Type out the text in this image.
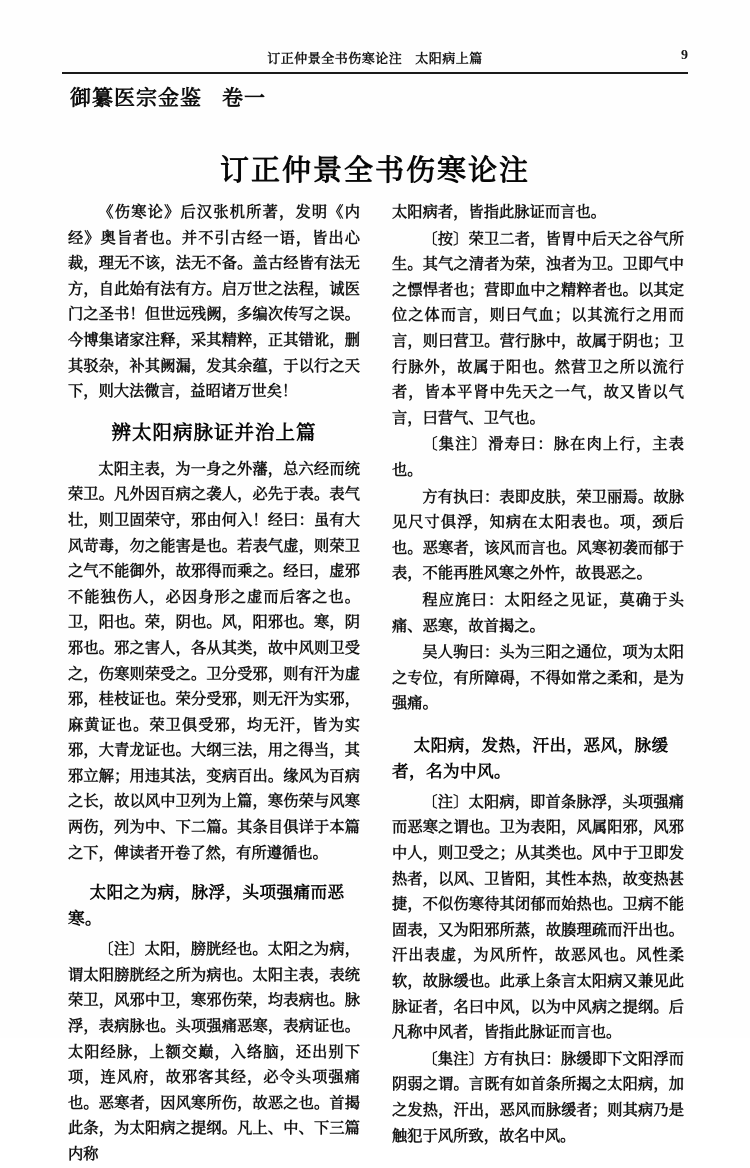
订正仲景全书伤寒论注 太阳病上篇	9
御纂医宗金鉴 卷一
订正仲景全书伤寒论注

《伤寒论》后汉张机所著，发明《内经》奥旨者也。并不引古经一语，皆出心裁，理无不该，法无不备。盖古经皆有法无方，自此始有法有方。启万世之法程，诚医门之圣书！但世远残阙，多编次传写之误。今博集诸家注释，采其精粹，正其错讹，删其驳杂，补其阙漏，发其余蕴，于以行之天下，则大法微言，益昭诸万世矣！

辨太阳病脉证并治上篇

太阳主表，为一身之外藩，总六经而统荣卫。凡外因百病之袭人，必先于表。表气壮，则卫固荣守，邪由何入！经曰：虽有大风苛毒，勿之能害是也。若表气虚，则荣卫之气不能御外，故邪得而乘之。经曰，虚邪不能独伤人，必因身形之虚而后客之也。卫，阳也。荣，阴也。风，阳邪也。寒，阴邪也。邪之害人，各从其类，故中风则卫受之，伤寒则荣受之。卫分受邪，则有汗为虚邪，桂枝证也。荣分受邪，则无汗为实邪，麻黄证也。荣卫俱受邪，均无汗，皆为实邪，大青龙证也。大纲三法，用之得当，其邪立解；用违其法，变病百出。缘风为百病之长，故以风中卫列为上篇，寒伤荣与风寒两伤，列为中、下二篇。其条目俱详于本篇之下，俾读者开卷了然，有所遵循也。

太阳之为病，脉浮，头项强痛而恶寒。

〔注〕太阳，膀胱经也。太阳之为病，谓太阳膀胱经之所为病也。太阳主表，表统荣卫，风邪中卫，寒邪伤荣，均表病也。脉浮，表病脉也。头项强痛恶寒，表病证也。太阳经脉，上额交巅，入络脑，还出别下项，连风府，故邪客其经，必令头项强痛也。恶寒者，因风寒所伤，故恶之也。首揭此条，为太阳病之提纲。凡上、中、下三篇内称

太阳病者，皆指此脉证而言也。

〔按〕荣卫二者，皆胃中后天之谷气所生。其气之清者为荣，浊者为卫。卫即气中之慓悍者也；营即血中之精粹者也。以其定位之体而言，则曰气血；以其流行之用而言，则曰营卫。营行脉中，故属于阴也；卫行脉外，故属于阳也。然营卫之所以流行者，皆本平肾中先天之一气，故又皆以气言，曰营气、卫气也。

〔集注〕滑寿曰：脉在肉上行，主表也。

方有执曰：表即皮肤，荣卫丽焉。故脉见尺寸俱浮，知病在太阳表也。项，颈后也。恶寒者，该风而言也。风寒初袭而郁于表，不能再胜风寒之外忤，故畏恶之。

程应旄曰：太阳经之见证，莫确于头痛、恶寒，故首揭之。

吴人驹曰：头为三阳之通位，项为太阳之专位，有所障碍，不得如常之柔和，是为强痛。

太阳病，发热，汗出，恶风，脉缓者，名为中风。

〔注〕太阳病，即首条脉浮，头项强痛而恶寒之谓也。卫为表阳，风属阳邪，风邪中人，则卫受之；从其类也。风中于卫即发热者，以风、卫皆阳，其性本热，故变热甚捷，不似伤寒待其闭郁而始热也。卫病不能固表，又为阳邪所蒸，故腠理疏而汗出也。汗出表虚，为风所忤，故恶风也。风性柔软，故脉缓也。此承上条言太阳病又兼见此脉证者，名曰中风，以为中风病之提纲。后凡称中风者，皆指此脉证而言也。

〔集注〕方有执曰：脉缓即下文阳浮而阴弱之谓。言既有如首条所揭之太阳病，加之发热，汗出，恶风而脉缓者；则其病乃是触犯于风所致，故名中风。
